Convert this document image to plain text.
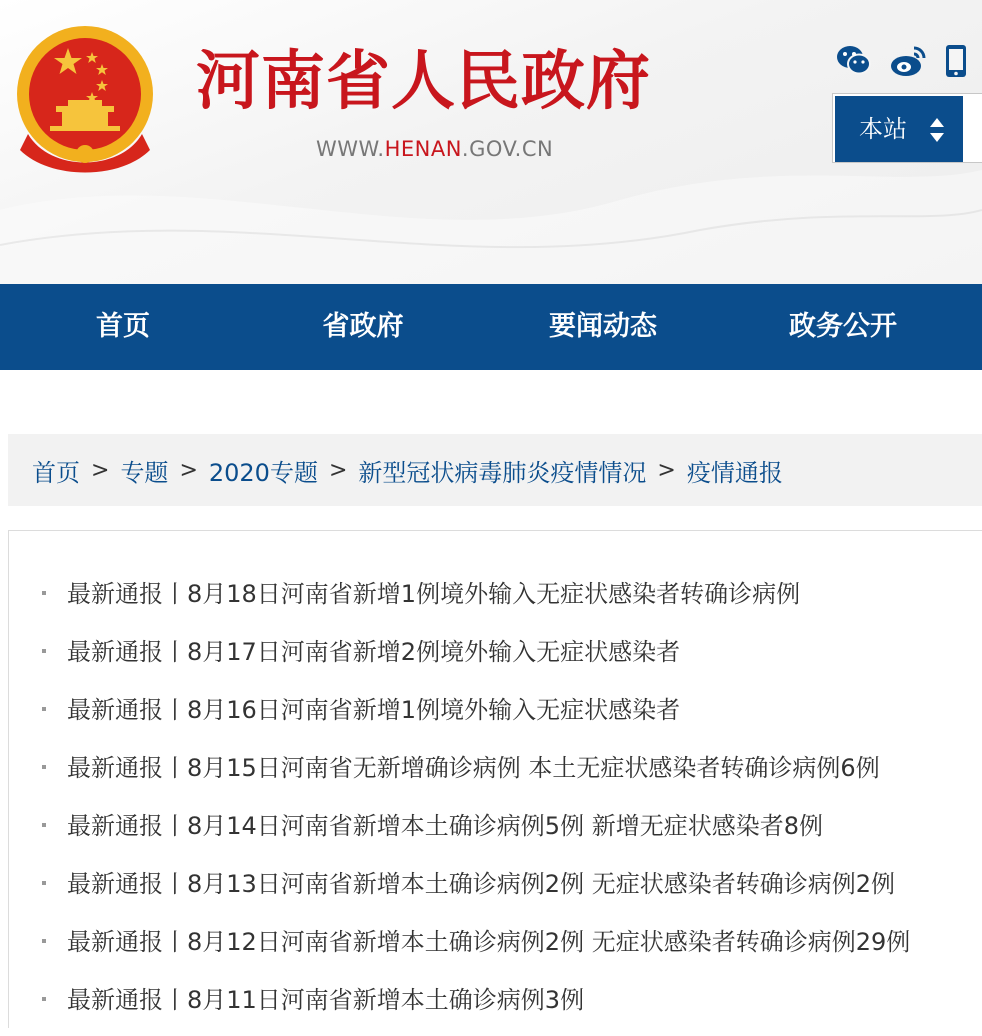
河南省人民政府
WWW.HENAN.GOV.CN
本站
首页	省政府	要闻动态	政务公开
首页 > 专题 > 2020专题 > 新型冠状病毒肺炎疫情情况 > 疫情通报
最新通报丨8月18日河南省新增1例境外输入无症状感染者转确诊病例
最新通报丨8月17日河南省新增2例境外输入无症状感染者
最新通报丨8月16日河南省新增1例境外输入无症状感染者
最新通报丨8月15日河南省无新增确诊病例 本土无症状感染者转确诊病例6例
最新通报丨8月14日河南省新增本土确诊病例5例 新增无症状感染者8例
最新通报丨8月13日河南省新增本土确诊病例2例 无症状感染者转确诊病例2例
最新通报丨8月12日河南省新增本土确诊病例2例 无症状感染者转确诊病例29例
最新通报丨8月11日河南省新增本土确诊病例3例
